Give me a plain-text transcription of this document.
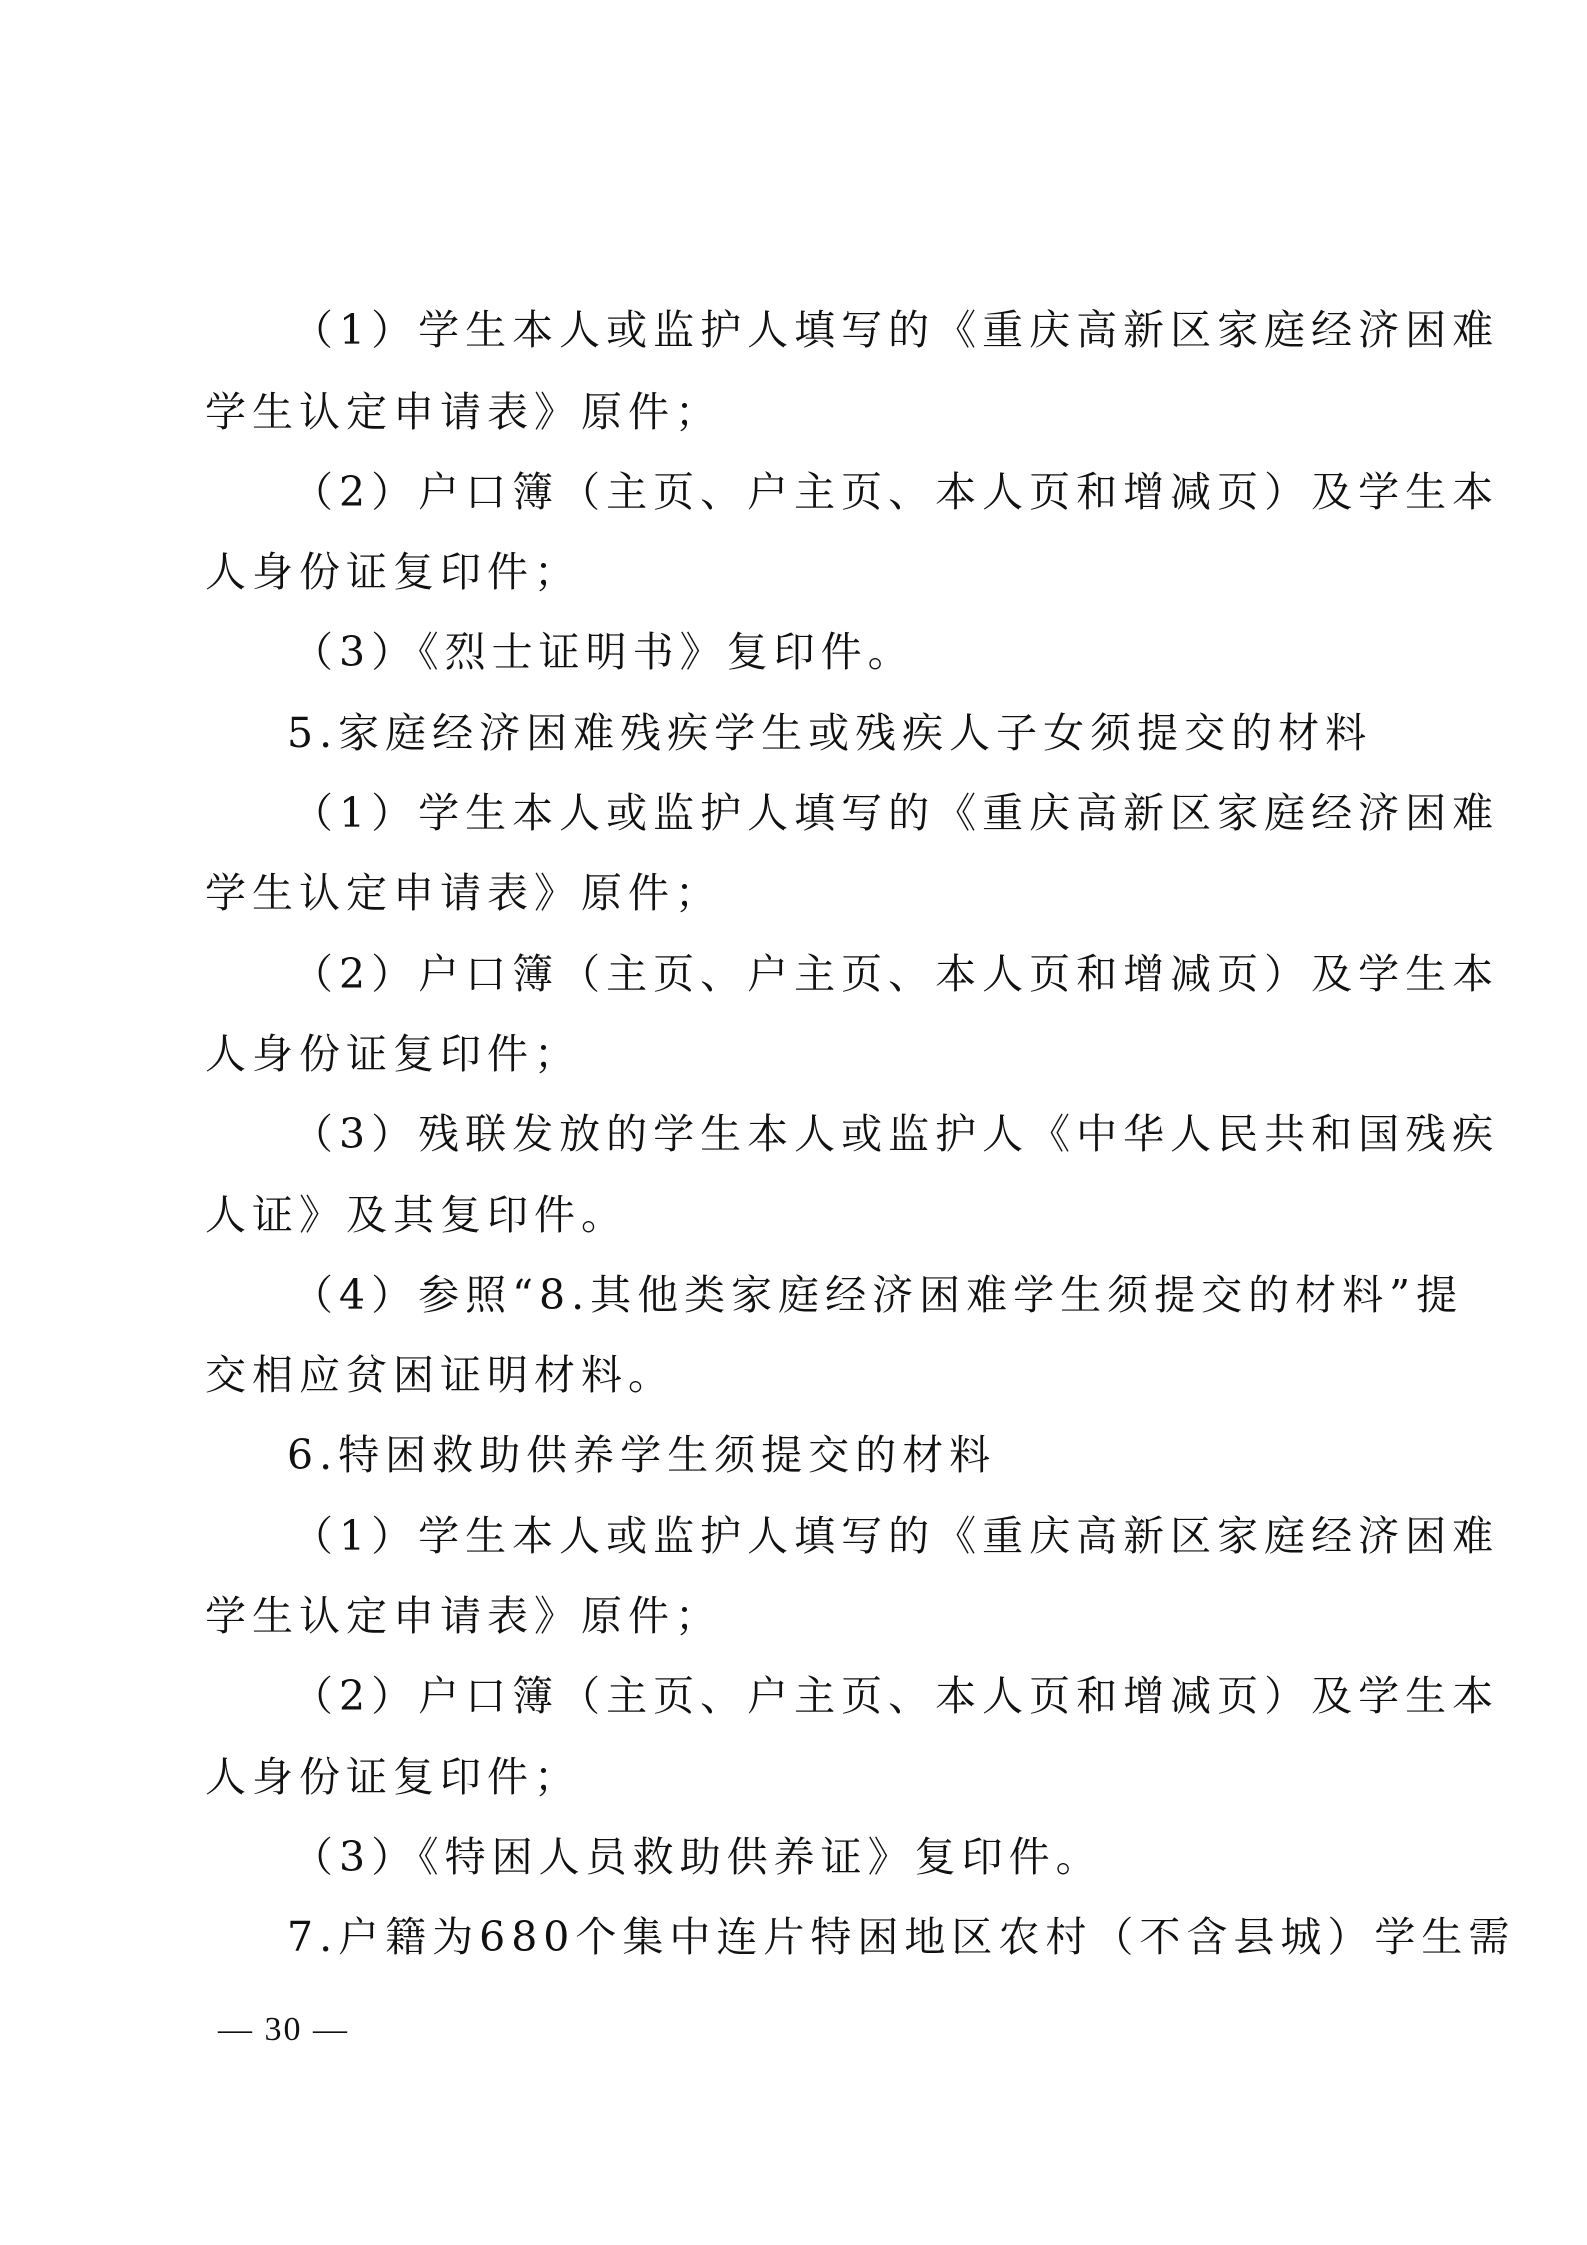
（1）学生本人或监护人填写的《重庆高新区家庭经济困难
学生认定申请表》原件；
（2）户口簿（主页、户主页、本人页和增减页）及学生本
人身份证复印件；
（3）《烈士证明书》复印件。
5.家庭经济困难残疾学生或残疾人子女须提交的材料
（1）学生本人或监护人填写的《重庆高新区家庭经济困难
学生认定申请表》原件；
（2）户口簿（主页、户主页、本人页和增减页）及学生本
人身份证复印件；
（3）残联发放的学生本人或监护人《中华人民共和国残疾
人证》及其复印件。
（4）参照“8.其他类家庭经济困难学生须提交的材料”提
交相应贫困证明材料。
6.特困救助供养学生须提交的材料
（1）学生本人或监护人填写的《重庆高新区家庭经济困难
学生认定申请表》原件；
（2）户口簿（主页、户主页、本人页和增减页）及学生本
人身份证复印件；
（3）《特困人员救助供养证》复印件。
7.户籍为680个集中连片特困地区农村（不含县城）学生需
— 30 —
